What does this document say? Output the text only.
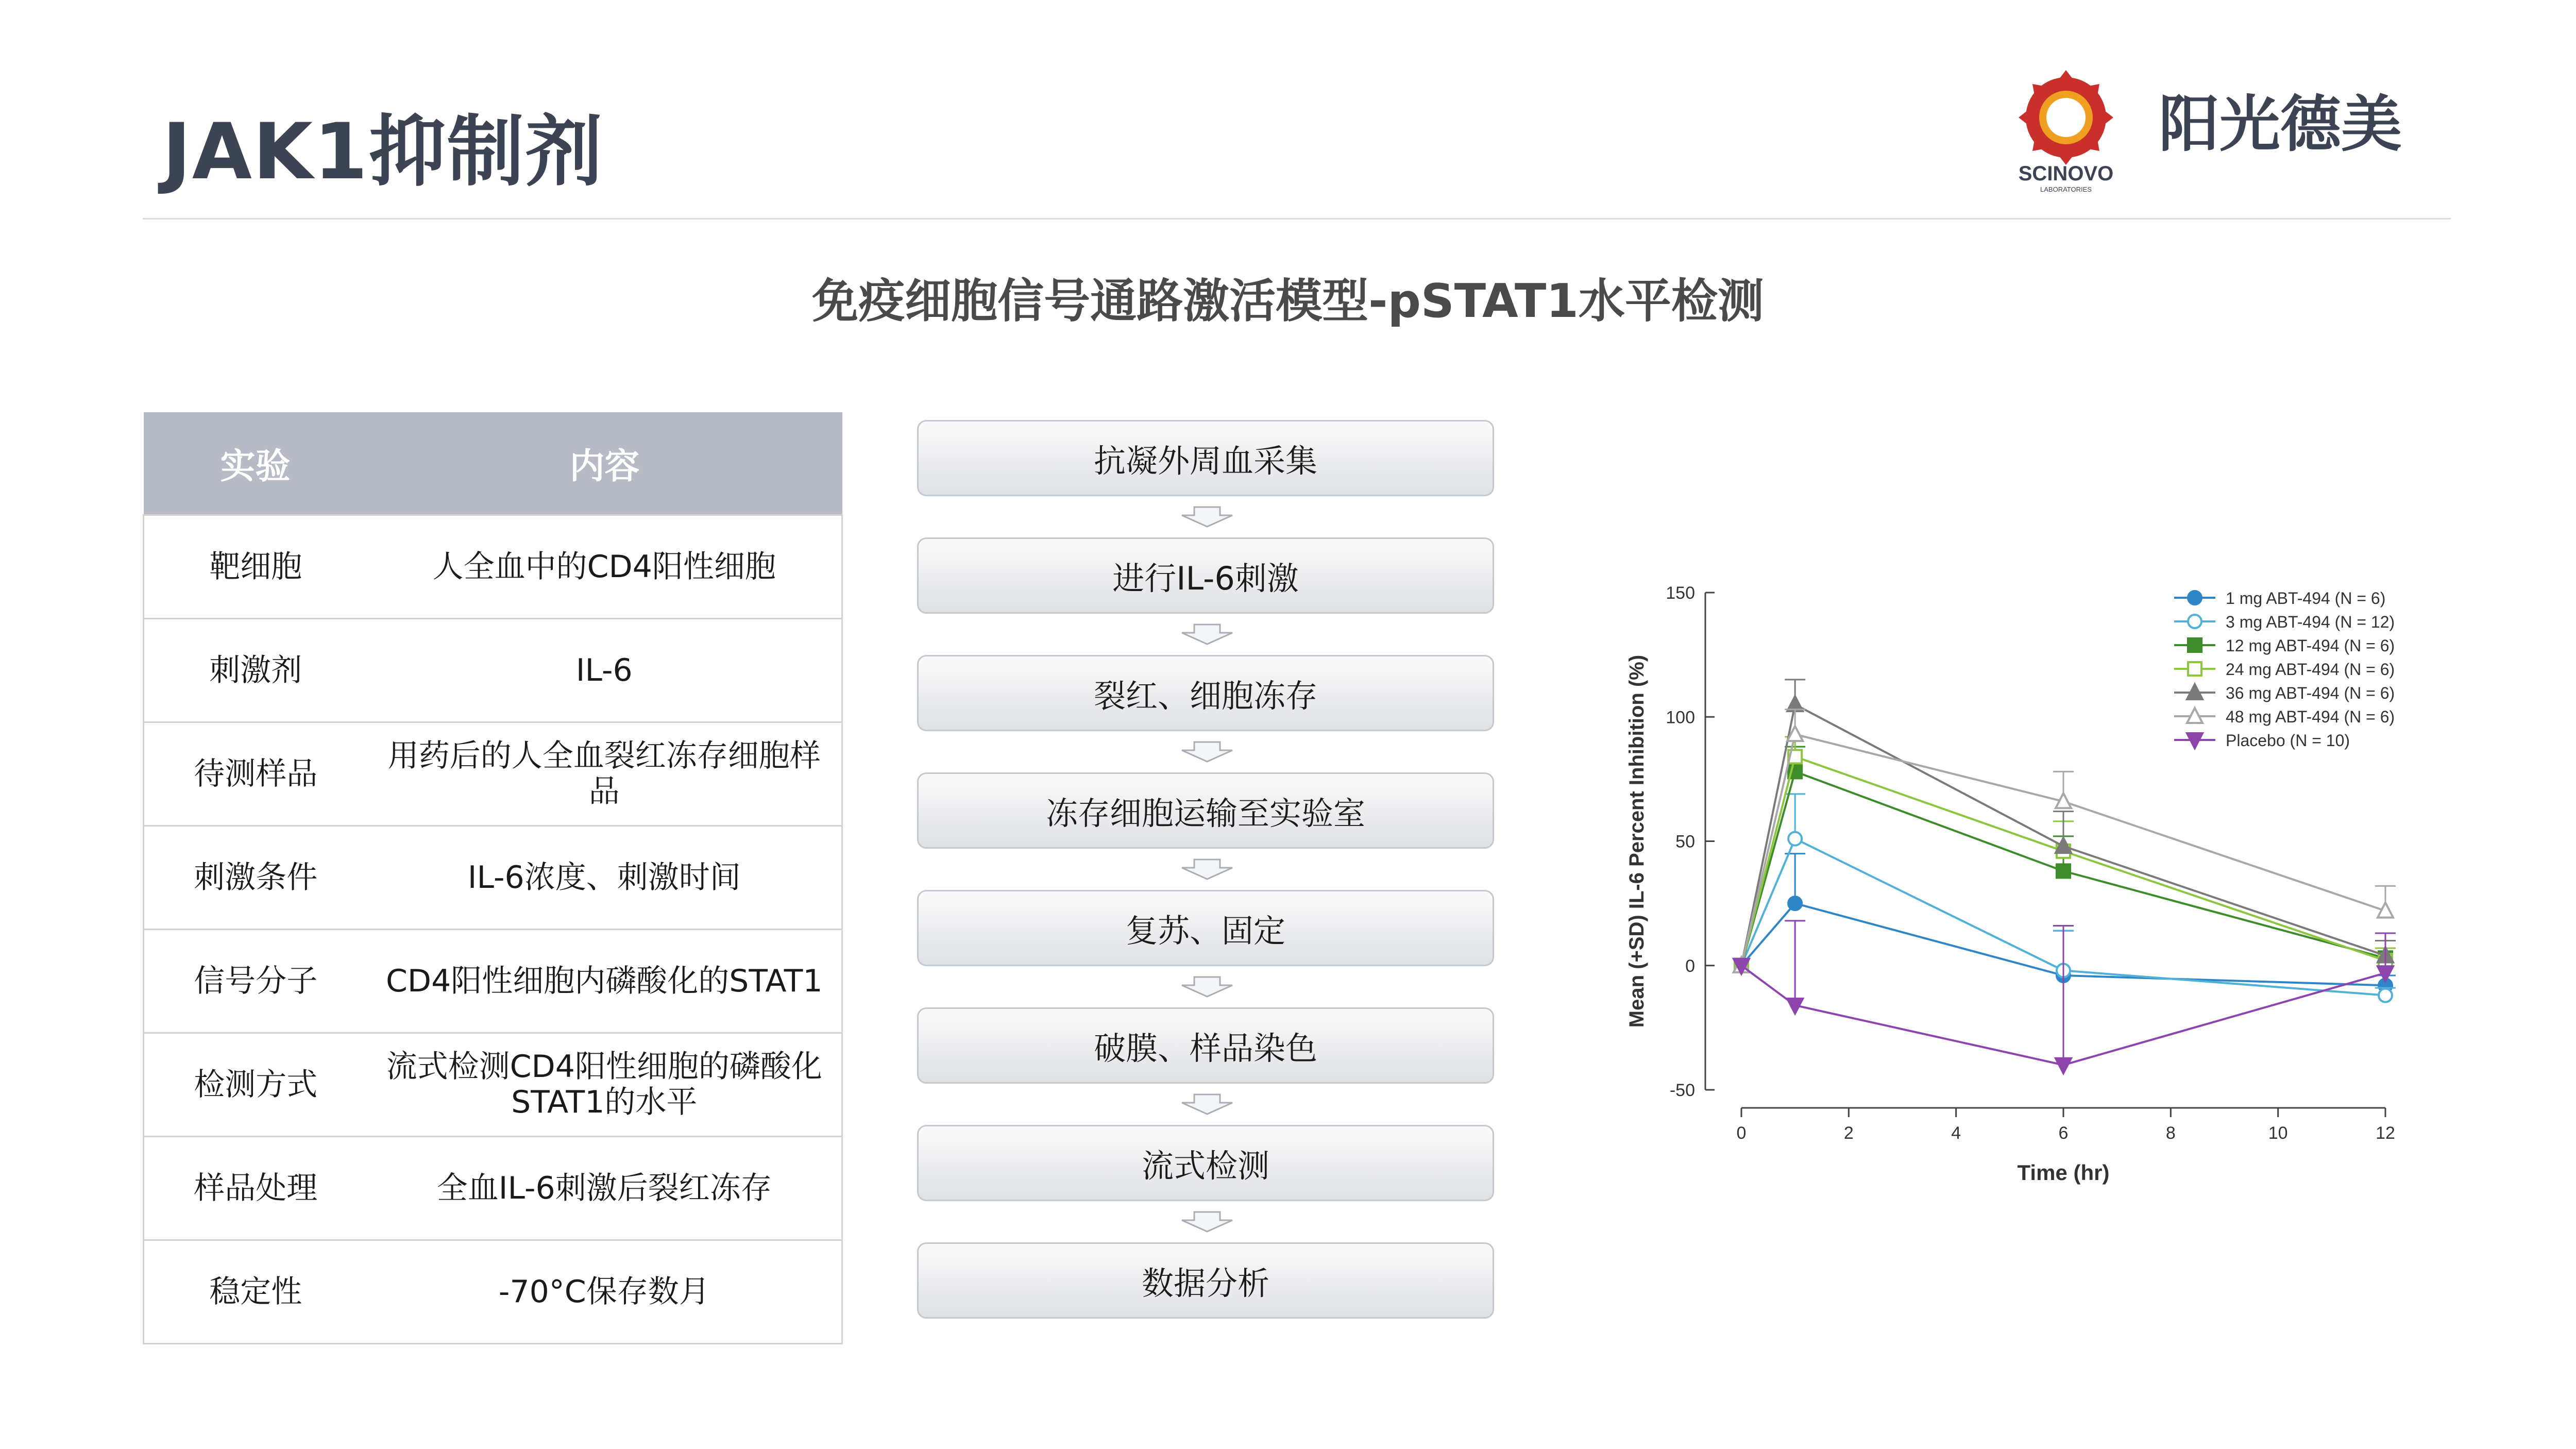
JAK1抑制剂	SCINOVO
LABORATORIES
阳光德美
免疫细胞信号通路激活模型-pSTAT1水平检测
实验	内容
靶细胞	人全血中的CD4阳性细胞
刺激剂	IL-6
待测样品	用药后的人全血裂红冻存细胞样品
刺激条件	IL-6浓度、刺激时间
信号分子	CD4阳性细胞内磷酸化的STAT1
检测方式	流式检测CD4阳性细胞的磷酸化STAT1的水平
样品处理	全血IL-6刺激后裂红冻存
稳定性	-70°C保存数月
抗凝外周血采集
进行IL-6刺激
裂红、细胞冻存
冻存细胞运输至实验室
复苏、固定
破膜、样品染色
流式检测
数据分析
-50
0
50
100
150
0	2	4	6	8	10	12
Time (hr)
Mean (+SD) IL-6 Percent Inhibition (%)
1 mg ABT-494 (N = 6)
3 mg ABT-494 (N = 12)
12 mg ABT-494 (N = 6)
24 mg ABT-494 (N = 6)
36 mg ABT-494 (N = 6)
48 mg ABT-494 (N = 6)
Placebo (N = 10)
